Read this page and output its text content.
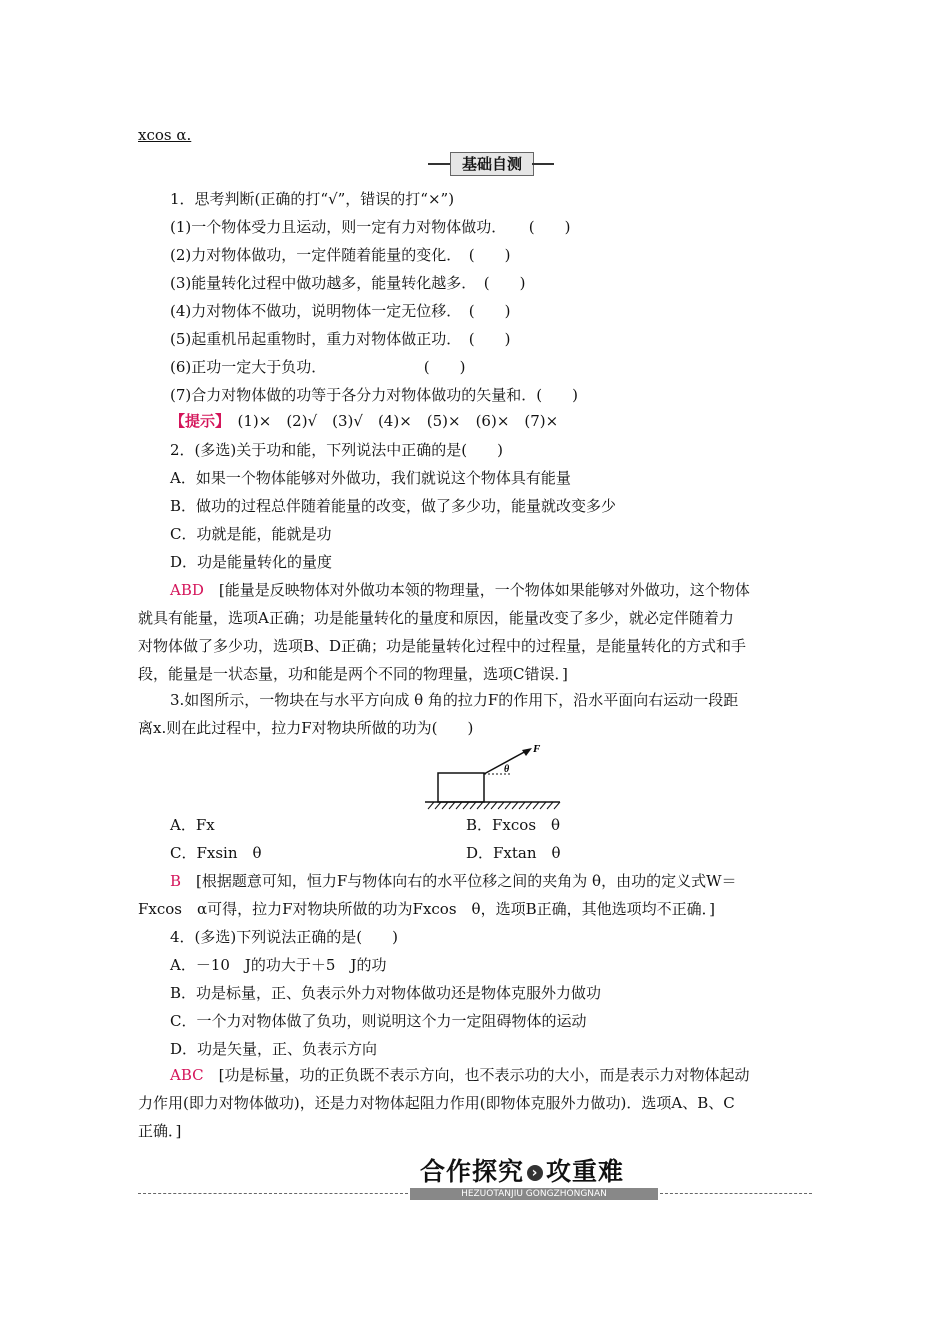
xcos α.
基础自测
1．思考判断(正确的打“√”，错误的打“×”)
(1)一个物体受力且运动，则一定有力对物体做功．　　(　　)
(2)力对物体做功，一定伴随着能量的变化．　(　　)
(3)能量转化过程中做功越多，能量转化越多．　(　　)
(4)力对物体不做功，说明物体一定无位移．　(　　)
(5)起重机吊起重物时，重力对物体做正功．　(　　)
(6)正功一定大于负功．　　　　　　　(　　)
(7)合力对物体做的功等于各分力对物体做功的矢量和．(　　)
【提示】　(1)×　(2)√　(3)√　(4)×　(5)×　(6)×　(7)×
2．(多选)关于功和能，下列说法中正确的是(　　)
A．如果一个物体能够对外做功，我们就说这个物体具有能量
B．做功的过程总伴随着能量的改变，做了多少功，能量就改变多少
C．功就是能，能就是功
D．功是能量转化的量度
ABD　[能量是反映物体对外做功本领的物理量，一个物体如果能够对外做功，这个物体
就具有能量，选项A正确；功是能量转化的量度和原因，能量改变了多少，就必定伴随着力
对物体做了多少功，选项B、D正确；功是能量转化过程中的过程量，是能量转化的方式和手
段，能量是一状态量，功和能是两个不同的物理量，选项C错误．]
3.如图所示，一物块在与水平方向成 θ 角的拉力F的作用下，沿水平面向右运动一段距
离x.则在此过程中，拉力F对物块所做的功为(　　)
F
θ
A．Fx	B．Fxcos　θ
C．Fxsin　θ	D．Fxtan　θ
B　[根据题意可知，恒力F与物体向右的水平位移之间的夹角为 θ，由功的定义式W＝
Fxcos　α可得，拉力F对物块所做的功为Fxcos　θ，选项B正确，其他选项均不正确．]
4．(多选)下列说法正确的是(　　)
A．－10　J的功大于＋5　J的功
B．功是标量，正、负表示外力对物体做功还是物体克服外力做功
C．一个力对物体做了负功，则说明这个力一定阻碍物体的运动
D．功是矢量，正、负表示方向
ABC　[功是标量，功的正负既不表示方向，也不表示功的大小，而是表示力对物体起动
力作用(即力对物体做功)，还是力对物体起阻力作用(即物体克服外力做功)．选项A、B、C
正确．]
合作探究 › 攻重难
HEZUOTANJIU GONGZHONGNAN
